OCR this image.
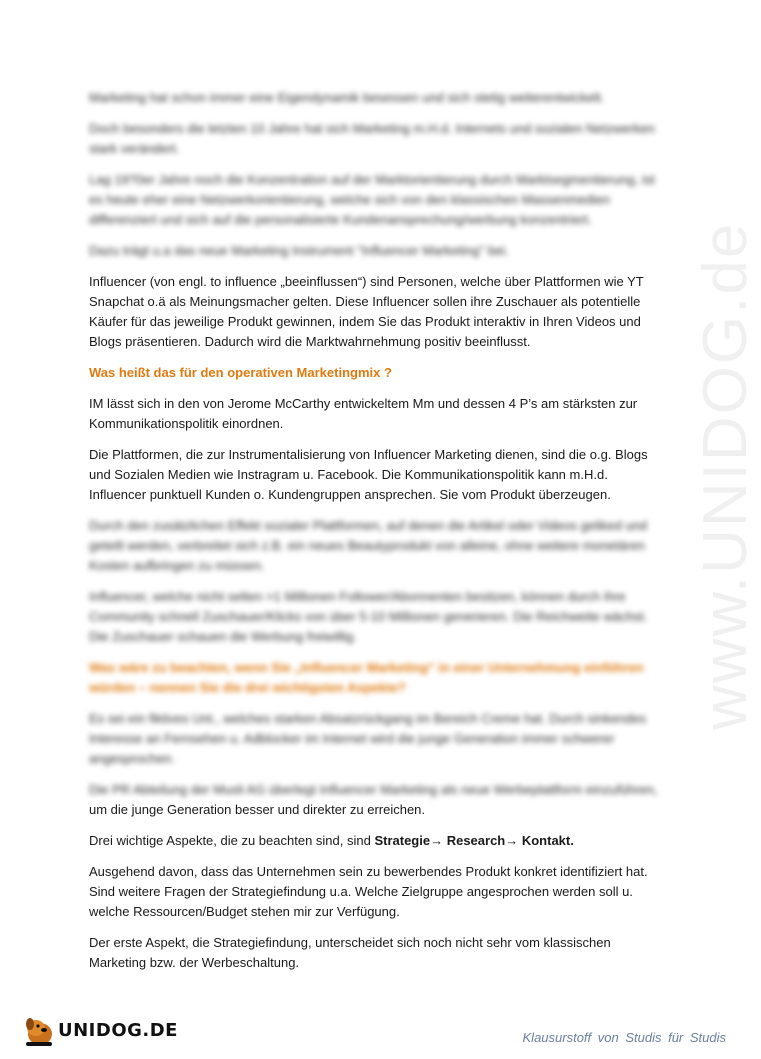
Marketing hat schon immer eine Eigendynamik besessen und sich stetig weiterentwickelt.

Doch besonders die letzten 10 Jahre hat sich Marketing m.H.d. Internets und sozialen Netzwerken stark verändert.

Lag 19?0er Jahre noch die Konzentration auf der Marktorientierung durch Marktsegmentierung, ist es heute eher eine Netzwerkorientierung, welche sich von den klassischen Massenmedien differenziert und sich auf die personalisierte Kundenansprechung/werbung konzentriert.

Dazu trägt u.a das neue Marketing Instrument "Influencer Marketing" bei.

Influencer (von engl. to influence „beeinflussen“) sind Personen, welche über Plattformen wie YT Snapchat o.ä als Meinungsmacher gelten. Diese Influencer sollen ihre Zuschauer als potentielle Käufer für das jeweilige Produkt gewinnen, indem Sie das Produkt interaktiv in Ihren Videos und Blogs präsentieren. Dadurch wird die Marktwahrnehmung positiv beeinflusst.

Was heißt das für den operativen Marketingmix ?

IM lässt sich in den von Jerome McCarthy entwickeltem Mm und dessen 4 P’s am stärksten zur Kommunikationspolitik einordnen.

Die Plattformen, die zur Instrumentalisierung von Influencer Marketing dienen, sind die o.g. Blogs und Sozialen Medien wie Instragram u. Facebook. Die Kommunikationspolitik kann m.H.d. Influencer punktuell Kunden o. Kundengruppen ansprechen. Sie vom Produkt überzeugen.

Durch den zusätzlichen Effekt sozialer Plattformen, auf denen die Artikel oder Videos geliked und geteilt werden, verbreitet sich z.B. ein neues Beautyprodukt von alleine, ohne weitere monetären Kosten aufbringen zu müssen.

Influencer, welche nicht selten >1 Millionen Follower/Abonnenten besitzen, können durch ihre Community schnell Zuschauer/Klicks von über 5-10 Millionen generieren. Die Reichweite wächst. Die Zuschauer schauen die Werbung freiwillig.

Was wäre zu beachten, wenn Sie „Influencer Marketing“ in einer Unternehmung einführen würden – nennen Sie die drei wichtigsten Aspekte?

Es sei ein fiktives Unt., welches starken Absatzrückgang im Bereich Creme hat. Durch sinkendes Interesse an Fernsehen u. Adblocker im Internet wird die junge Generation immer schwerer angesprochen.

Die PR Abteilung der Musli AG überlegt Influencer Marketing als neue Werbeplattform einzuführen,

um die junge Generation besser und direkter zu erreichen.

Drei wichtige Aspekte, die zu beachten sind, sind Strategie→ Research→ Kontakt.

Ausgehend davon, dass das Unternehmen sein zu bewerbendes Produkt konkret identifiziert hat. Sind weitere Fragen der Strategiefindung u.a. Welche Zielgruppe angesprochen werden soll u. welche Ressourcen/Budget stehen mir zur Verfügung.

Der erste Aspekt, die Strategiefindung, unterscheidet sich noch nicht sehr vom klassischen Marketing bzw. der Werbeschaltung.

www.UNIDOG.de
UNIDOG.DE	Klausurstoff von Studis für Studis
